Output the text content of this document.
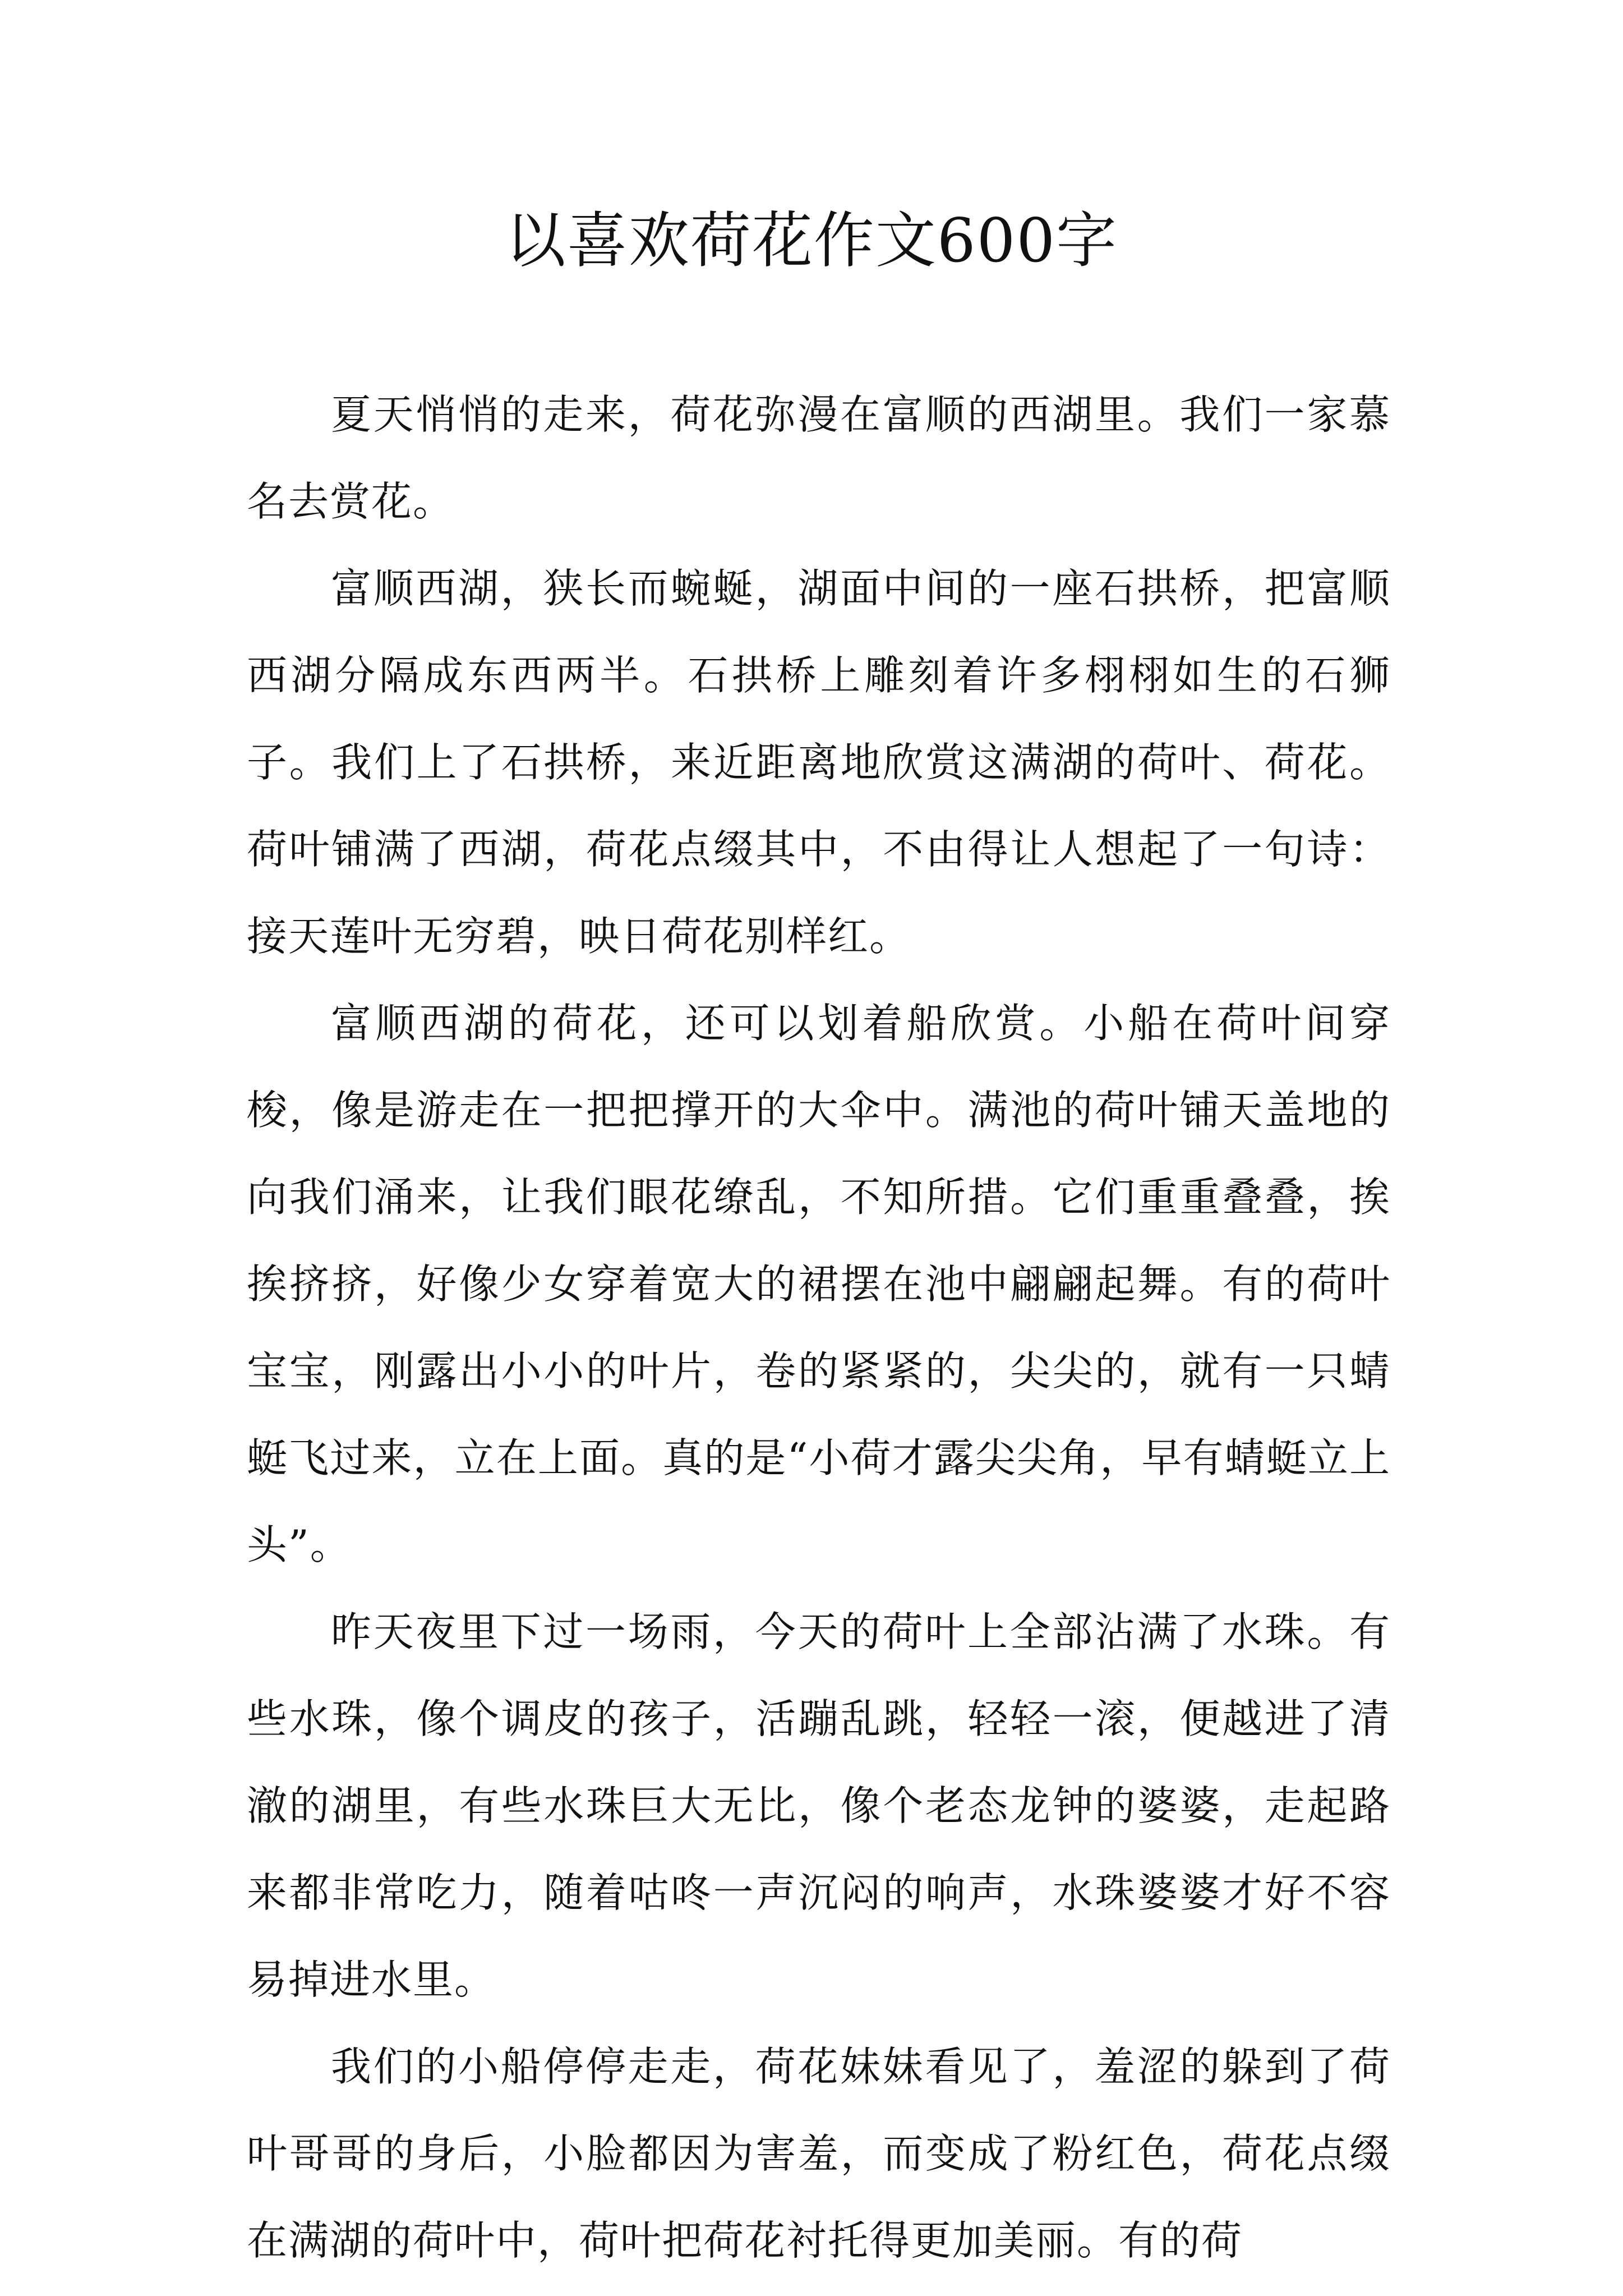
以喜欢荷花作文600字

夏天悄悄的走来，荷花弥漫在富顺的西湖里。我们一家慕名去赏花。

富顺西湖，狭长而蜿蜒，湖面中间的一座石拱桥，把富顺西湖分隔成东西两半。石拱桥上雕刻着许多栩栩如生的石狮子。我们上了石拱桥，来近距离地欣赏这满湖的荷叶、荷花。荷叶铺满了西湖，荷花点缀其中，不由得让人想起了一句诗：接天莲叶无穷碧，映日荷花别样红。

富顺西湖的荷花，还可以划着船欣赏。小船在荷叶间穿梭，像是游走在一把把撑开的大伞中。满池的荷叶铺天盖地的向我们涌来，让我们眼花缭乱，不知所措。它们重重叠叠，挨挨挤挤，好像少女穿着宽大的裙摆在池中翩翩起舞。有的荷叶宝宝，刚露出小小的叶片，卷的紧紧的，尖尖的，就有一只蜻蜓飞过来，立在上面。真的是“小荷才露尖尖角，早有蜻蜓立上头”。

昨天夜里下过一场雨，今天的荷叶上全部沾满了水珠。有些水珠，像个调皮的孩子，活蹦乱跳，轻轻一滚，便越进了清澈的湖里，有些水珠巨大无比，像个老态龙钟的婆婆，走起路来都非常吃力，随着咕咚一声沉闷的响声，水珠婆婆才好不容易掉进水里。

我们的小船停停走走，荷花妹妹看见了，羞涩的躲到了荷叶哥哥的身后，小脸都因为害羞，而变成了粉红色，荷花点缀在满湖的荷叶中，荷叶把荷花衬托得更加美丽。有的荷
